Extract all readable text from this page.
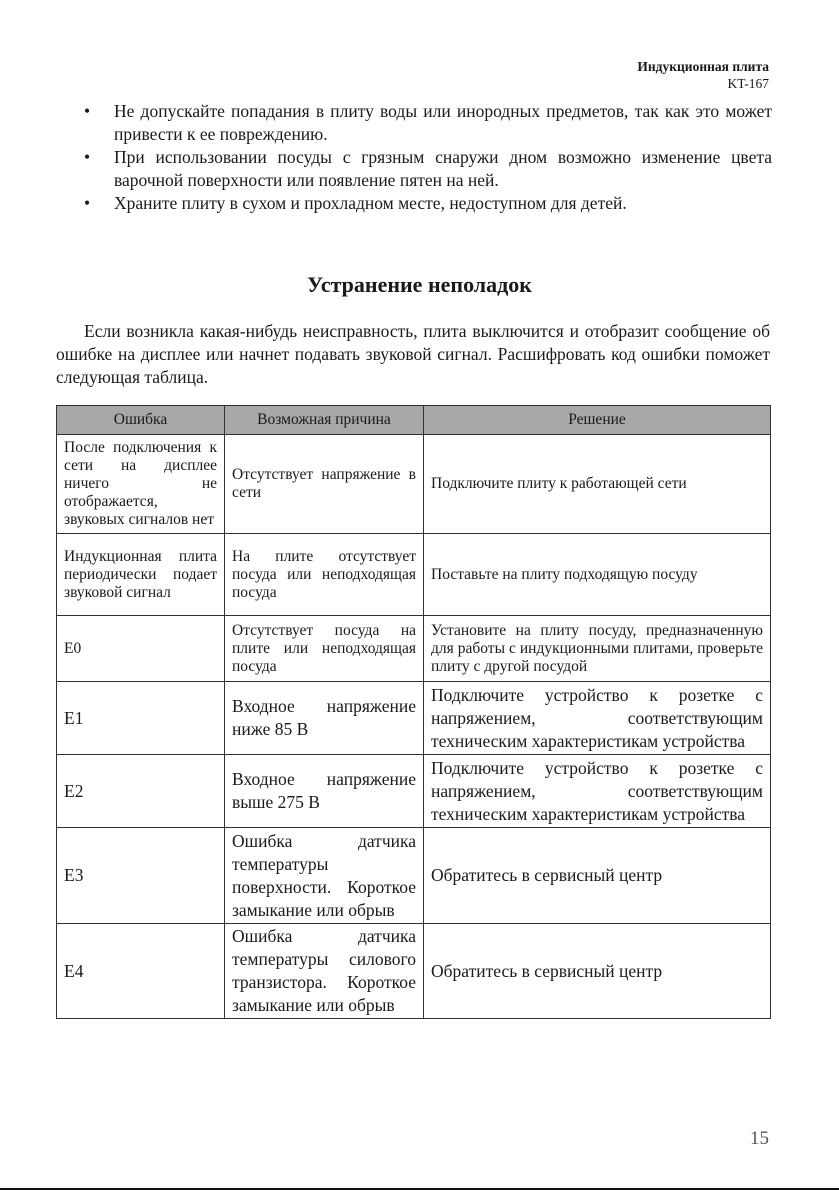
Индукционная плита
KT-167
• Не допускайте попадания в плиту воды или инородных предметов, так как это может привести к ее повреждению.
• При использовании посуды с грязным снаружи дном возможно изменение цвета варочной поверхности или появление пятен на ней.
• Храните плиту в сухом и прохладном месте, недоступном для детей.
Устранение неполадок

Если возникла какая-нибудь неисправность, плита выключится и отобразит сообщение об ошибке на дисплее или начнет подавать звуковой сигнал. Расшифровать код ошибки поможет следующая таблица.

Ошибка	Возможная причина	Решение
После подключения к сети на дисплее ничего не отображается, звуковых сигналов нет	Отсутствует напряжение в сети	Подключите плиту к работающей сети
Индукционная плита периодически подает звуковой сигнал	На плите отсутствует посуда или неподходящая посуда	Поставьте на плиту подходящую посуду
E0	Отсутствует посуда на плите или неподходящая посуда	Установите на плиту посуду, предназначенную для работы с индукционными плитами, проверьте плиту с другой посудой
E1	Входное напряжение ниже 85 В	Подключите устройство к розетке с напряжением, соответствующим техническим характеристикам устройства
E2	Входное напряжение выше 275 В	Подключите устройство к розетке с напряжением, соответствующим техническим характеристикам устройства
E3	Ошибка датчика температуры поверхности. Короткое замыкание или обрыв	Обратитесь в сервисный центр
E4	Ошибка датчика температуры силового транзистора. Короткое замыкание или обрыв	Обратитесь в сервисный центр
15
